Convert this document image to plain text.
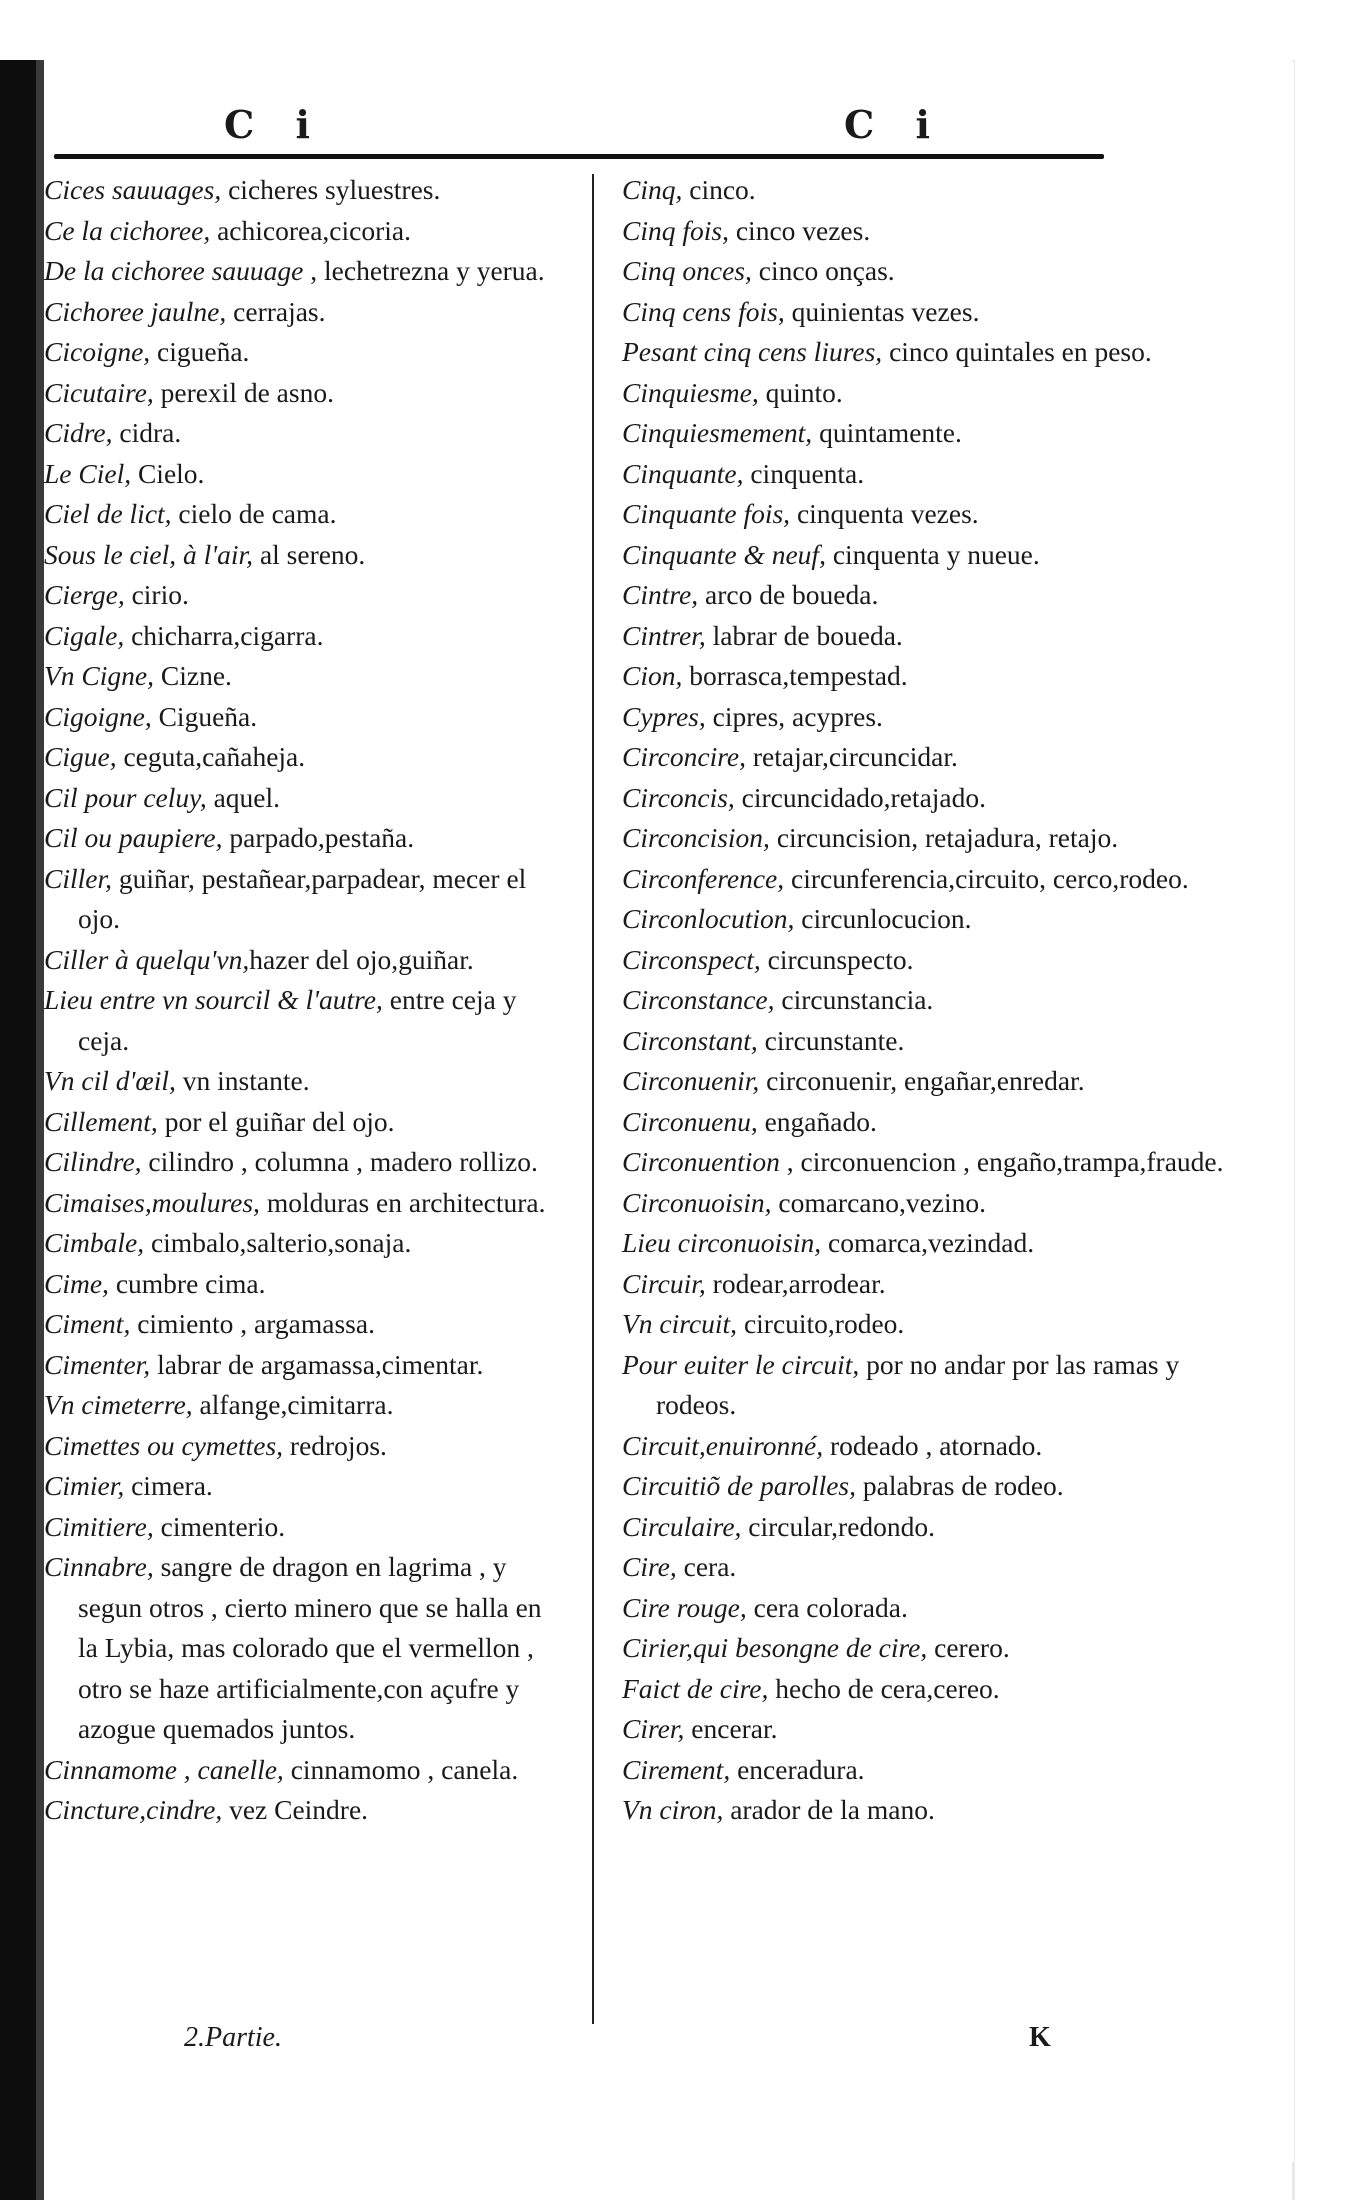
C i	C i
Cices sauuages, cicheres syluestres.
Ce la cichoree, achicorea,cicoria.
De la cichoree sauuage , lechetrezna y yerua.
Cichoree jaulne, cerrajas.
Cicoigne, cigueña.
Cicutaire, perexil de asno.
Cidre, cidra.
Le Ciel, Cielo.
Ciel de lict, cielo de cama.
Sous le ciel, à l'air, al sereno.
Cierge, cirio.
Cigale, chicharra,cigarra.
Vn Cigne, Cizne.
Cigoigne, Cigueña.
Cigue, ceguta,cañaheja.
Cil pour celuy, aquel.
Cil ou paupiere, parpado,pestaña.
Ciller, guiñar, pestañear,parpadear, mecer el ojo.
Ciller à quelqu'vn,hazer del ojo,guiñar.
Lieu entre vn sourcil & l'autre, entre ceja y ceja.
Vn cil d'œil, vn instante.
Cillement, por el guiñar del ojo.
Cilindre, cilindro , columna , madero rollizo.
Cimaises,moulures, molduras en architectura.
Cimbale, cimbalo,salterio,sonaja.
Cime, cumbre cima.
Ciment, cimiento , argamassa.
Cimenter, labrar de argamassa,cimentar.
Vn cimeterre, alfange,cimitarra.
Cimettes ou cymettes, redrojos.
Cimier, cimera.
Cimitiere, cimenterio.
Cinnabre, sangre de dragon en lagrima , y segun otros , cierto minero que se halla en la Lybia, mas colorado que el vermellon , otro se haze artificialmente,con açufre y azogue quemados juntos.
Cinnamome , canelle, cinnamomo , canela.
Cincture,cindre, vez Ceindre.
Cinq, cinco.
Cinq fois, cinco vezes.
Cinq onces, cinco onças.
Cinq cens fois, quinientas vezes.
Pesant cinq cens liures, cinco quintales en peso.
Cinquiesme, quinto.
Cinquiesmement, quintamente.
Cinquante, cinquenta.
Cinquante fois, cinquenta vezes.
Cinquante & neuf, cinquenta y nueue.
Cintre, arco de boueda.
Cintrer, labrar de boueda.
Cion, borrasca,tempestad.
Cypres, cipres, acypres.
Circoncire, retajar,circuncidar.
Circoncis, circuncidado,retajado.
Circoncision, circuncision, retajadura, retajo.
Circonference, circunferencia,circuito, cerco,rodeo.
Circonlocution, circunlocucion.
Circonspect, circunspecto.
Circonstance, circunstancia.
Circonstant, circunstante.
Circonuenir, circonuenir, engañar,enredar.
Circonuenu, engañado.
Circonuention , circonuencion , engaño,trampa,fraude.
Circonuoisin, comarcano,vezino.
Lieu circonuoisin, comarca,vezindad.
Circuir, rodear,arrodear.
Vn circuit, circuito,rodeo.
Pour euiter le circuit, por no andar por las ramas y rodeos.
Circuit,enuironné, rodeado , atornado.
Circuitiõ de parolles, palabras de rodeo.
Circulaire, circular,redondo.
Cire, cera.
Cire rouge, cera colorada.
Cirier,qui besongne de cire, cerero.
Faict de cire, hecho de cera,cereo.
Cirer, encerar.
Cirement, enceradura.
Vn ciron, arador de la mano.
2.Partie.	K
